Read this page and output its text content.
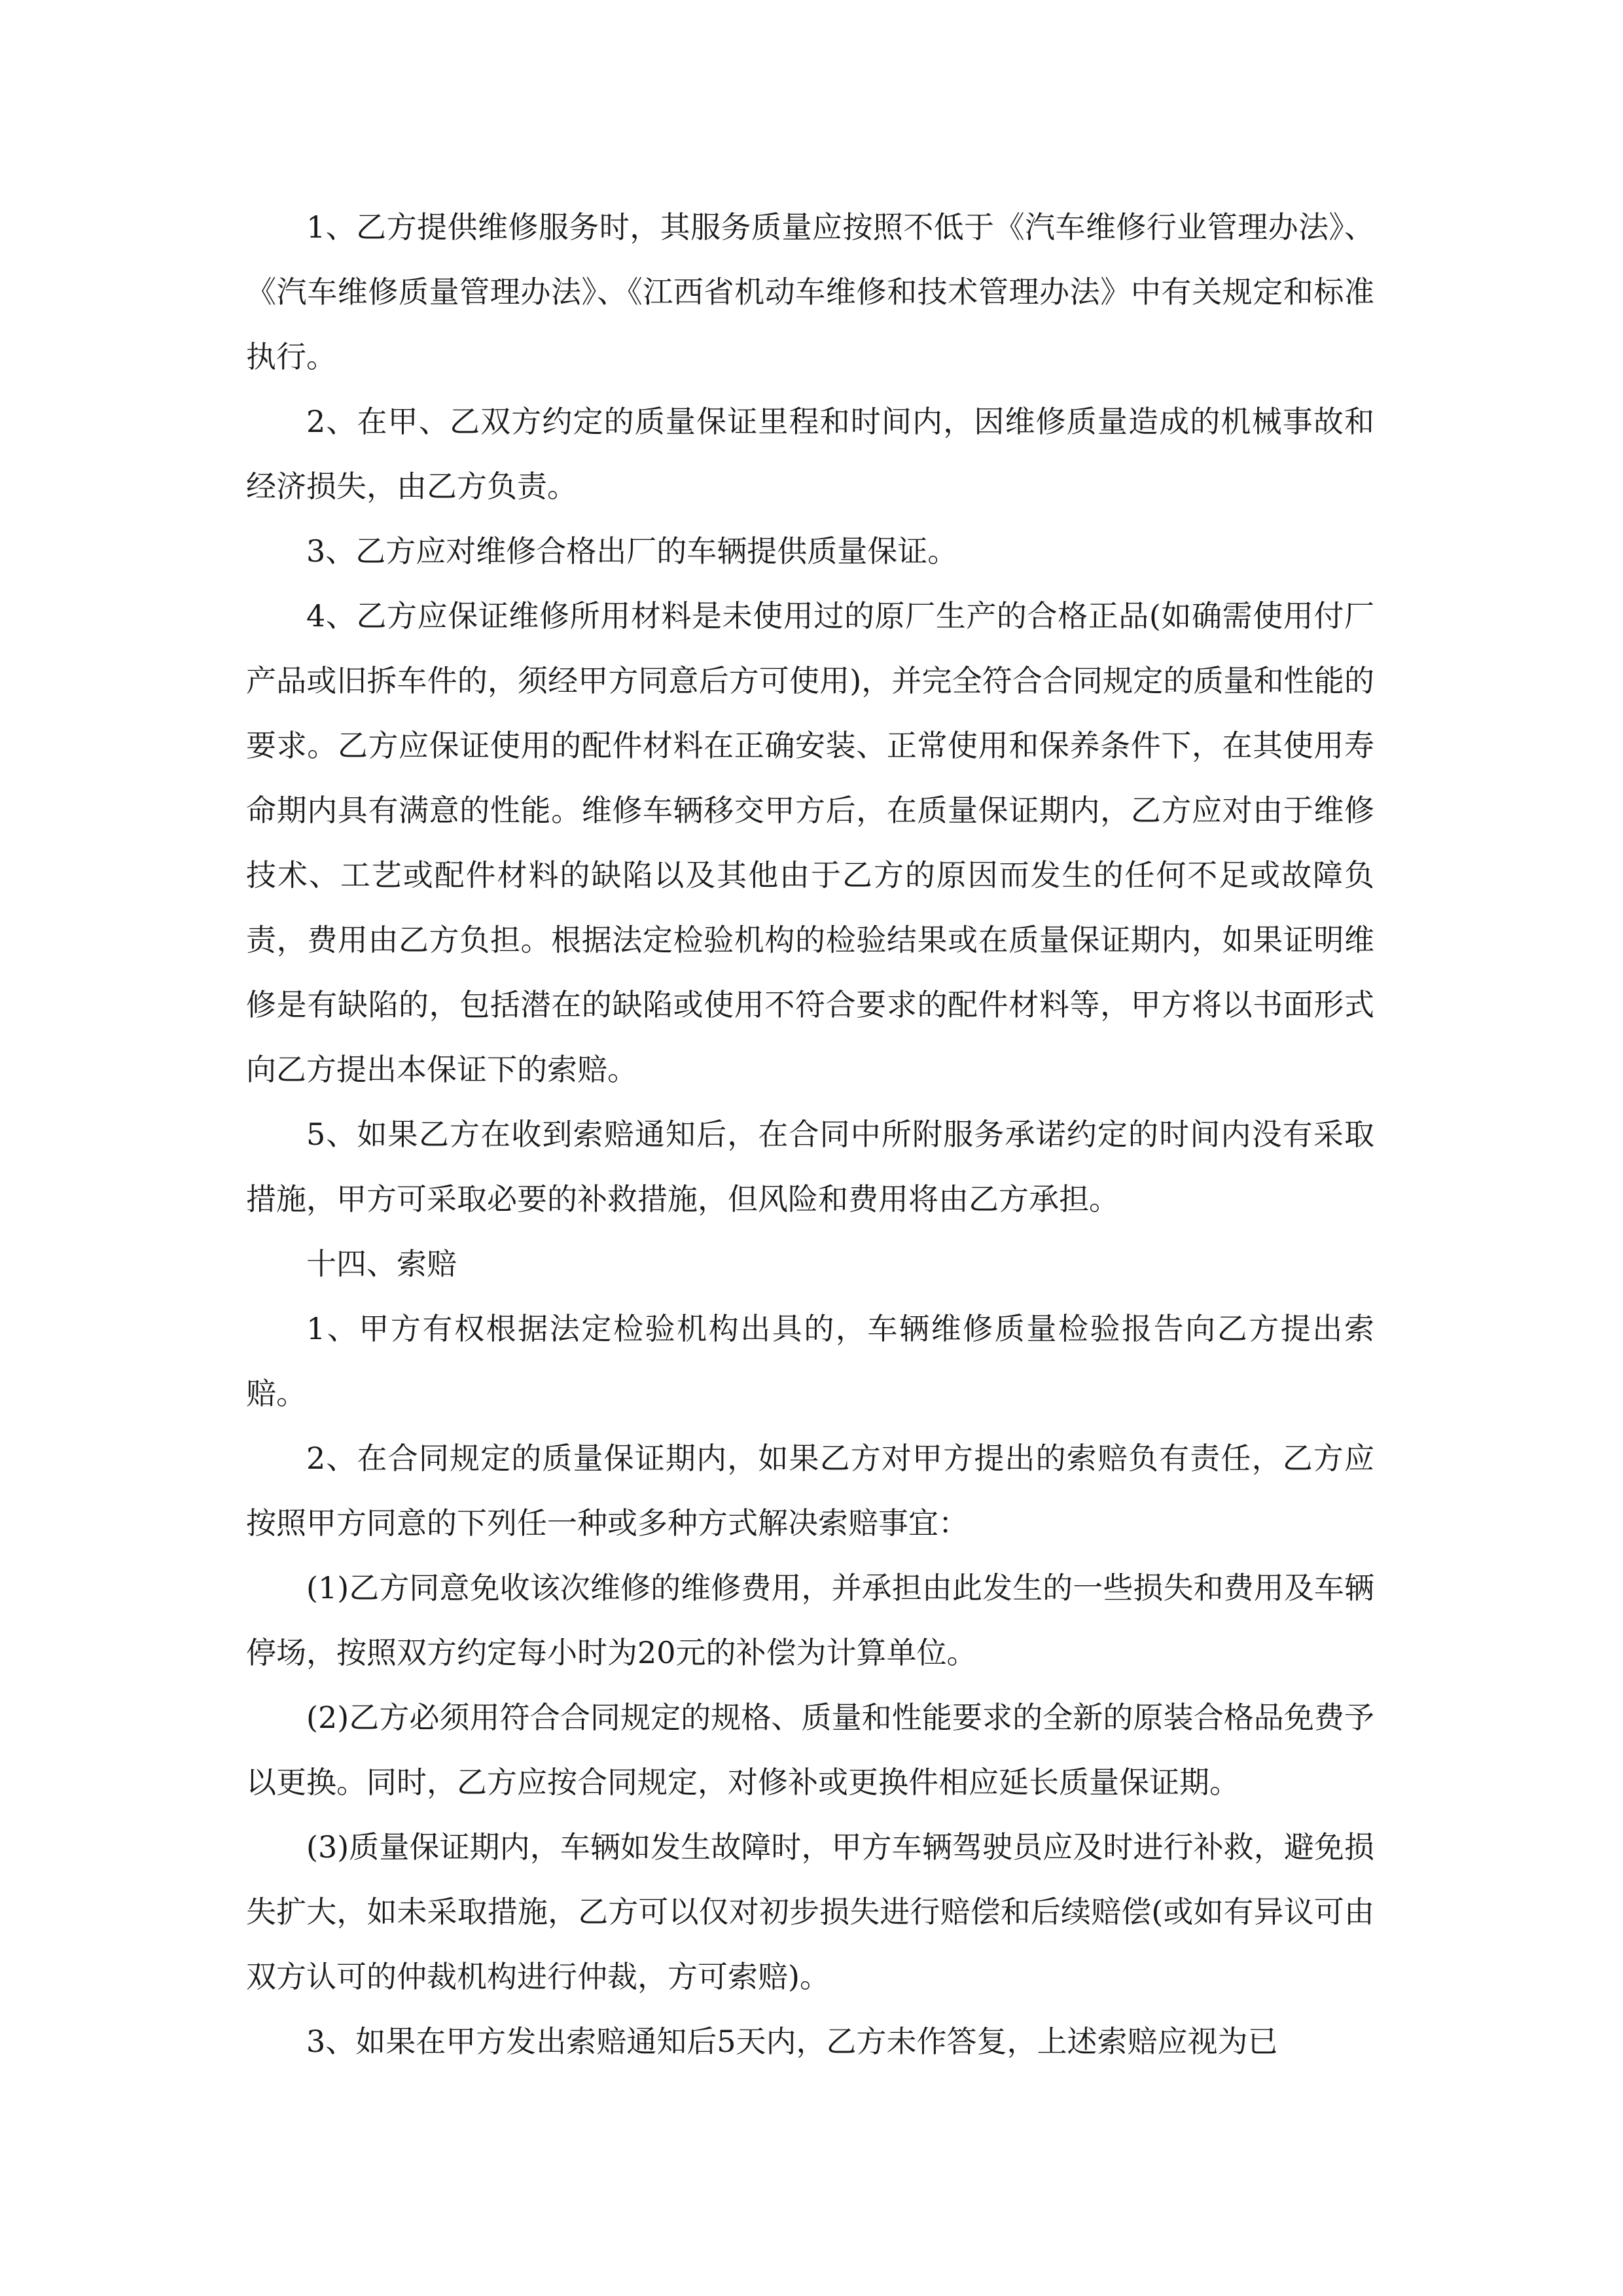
1、乙方提供维修服务时，其服务质量应按照不低于《汽车维修行业管理办法》、《汽车维修质量管理办法》、《江西省机动车维修和技术管理办法》中有关规定和标准执行。

2、在甲、乙双方约定的质量保证里程和时间内，因维修质量造成的机械事故和经济损失，由乙方负责。

3、乙方应对维修合格出厂的车辆提供质量保证。

4、乙方应保证维修所用材料是未使用过的原厂生产的合格正品(如确需使用付厂产品或旧拆车件的，须经甲方同意后方可使用)，并完全符合合同规定的质量和性能的要求。乙方应保证使用的配件材料在正确安装、正常使用和保养条件下，在其使用寿命期内具有满意的性能。维修车辆移交甲方后，在质量保证期内，乙方应对由于维修技术、工艺或配件材料的缺陷以及其他由于乙方的原因而发生的任何不足或故障负责，费用由乙方负担。根据法定检验机构的检验结果或在质量保证期内，如果证明维修是有缺陷的，包括潜在的缺陷或使用不符合要求的配件材料等，甲方将以书面形式向乙方提出本保证下的索赔。

5、如果乙方在收到索赔通知后，在合同中所附服务承诺约定的时间内没有采取措施，甲方可采取必要的补救措施，但风险和费用将由乙方承担。

十四、索赔

1、甲方有权根据法定检验机构出具的，车辆维修质量检验报告向乙方提出索赔。

2、在合同规定的质量保证期内，如果乙方对甲方提出的索赔负有责任，乙方应按照甲方同意的下列任一种或多种方式解决索赔事宜：

(1)乙方同意免收该次维修的维修费用，并承担由此发生的一些损失和费用及车辆停场，按照双方约定每小时为20元的补偿为计算单位。

(2)乙方必须用符合合同规定的规格、质量和性能要求的全新的原装合格品免费予以更换。同时，乙方应按合同规定，对修补或更换件相应延长质量保证期。

(3)质量保证期内，车辆如发生故障时，甲方车辆驾驶员应及时进行补救，避免损失扩大，如未采取措施，乙方可以仅对初步损失进行赔偿和后续赔偿(或如有异议可由双方认可的仲裁机构进行仲裁，方可索赔)。

3、如果在甲方发出索赔通知后5天内，乙方未作答复，上述索赔应视为已
